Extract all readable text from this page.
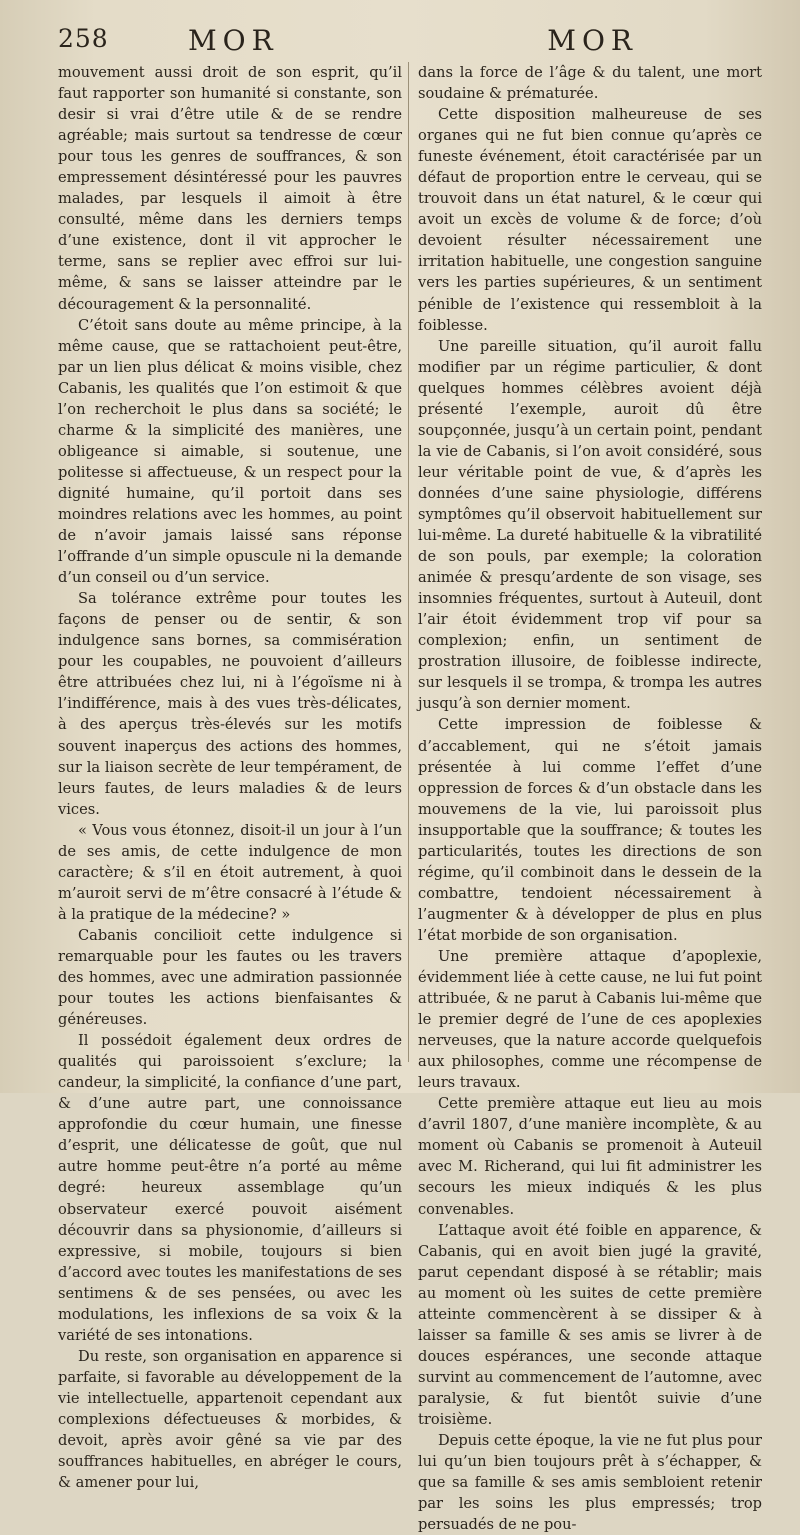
258	MOR	MOR

mouvement aussi droit de son esprit, qu’il faut rapporter son humanité si constante, son desir si vrai d’être utile & de se rendre agréable; mais surtout sa tendresse de cœur pour tous les genres de souffrances, & son empressement désintéressé pour les pauvres malades, par lesquels il aimoit à être consulté, même dans les derniers temps d’une existence, dont il vit approcher le terme, sans se replier avec effroi sur lui-même, & sans se laisser atteindre par le découragement & la personnalité.

C’étoit sans doute au même principe, à la même cause, que se rattachoient peut-être, par un lien plus délicat & moins visible, chez Cabanis, les qualités que l’on estimoit & que l’on recherchoit le plus dans sa société; le charme & la simplicité des manières, une obligeance si aimable, si soutenue, une politesse si affectueuse, & un respect pour la dignité humaine, qu’il portoit dans ses moindres relations avec les hommes, au point de n’avoir jamais laissé sans réponse l’offrande d’un simple opuscule ni la demande d’un conseil ou d’un service.

Sa tolérance extrême pour toutes les façons de penser ou de sentir, & son indulgence sans bornes, sa commisération pour les coupables, ne pouvoient d’ailleurs être attribuées chez lui, ni à l’égoïsme ni à l’indifférence, mais à des vues très-délicates, à des aperçus très-élevés sur les motifs souvent inaperçus des actions des hommes, sur la liaison secrète de leur tempérament, de leurs fautes, de leurs maladies & de leurs vices.

« Vous vous étonnez, disoit-il un jour à l’un de ses amis, de cette indulgence de mon caractère; & s’il en étoit autrement, à quoi m’auroit servi de m’être consacré à l’étude & à la pratique de la médecine? »

Cabanis concilioit cette indulgence si remarquable pour les fautes ou les travers des hommes, avec une admiration passionnée pour toutes les actions bienfaisantes & généreuses.

Il possédoit également deux ordres de qualités qui paroissoient s’exclure; la candeur, la simplicité, la confiance d’une part, & d’une autre part, une connoissance approfondie du cœur humain, une finesse d’esprit, une délicatesse de goût, que nul autre homme peut-être n’a porté au même degré: heureux assemblage qu’un observateur exercé pouvoit aisément découvrir dans sa physionomie, d’ailleurs si expressive, si mobile, toujours si bien d’accord avec toutes les manifestations de ses sentimens & de ses pensées, ou avec les modulations, les inflexions de sa voix & la variété de ses intonations.

Du reste, son organisation en apparence si parfaite, si favorable au développement de la vie intellectuelle, appartenoit cependant aux complexions défectueuses & morbides, & devoit, après avoir gêné sa vie par des souffrances habituelles, en abréger le cours, & amener pour lui,

dans la force de l’âge & du talent, une mort soudaine & prématurée.

Cette disposition malheureuse de ses organes qui ne fut bien connue qu’après ce funeste événement, étoit caractérisée par un défaut de proportion entre le cerveau, qui se trouvoit dans un état naturel, & le cœur qui avoit un excès de volume & de force; d’où devoient résulter nécessairement une irritation habituelle, une congestion sanguine vers les parties supérieures, & un sentiment pénible de l’existence qui ressembloit à la foiblesse.

Une pareille situation, qu’il auroit fallu modifier par un régime particulier, & dont quelques hommes célèbres avoient déjà présenté l’exemple, auroit dû être soupçonnée, jusqu’à un certain point, pendant la vie de Cabanis, si l’on avoit considéré, sous leur véritable point de vue, & d’après les données d’une saine physiologie, différens symptômes qu’il observoit habituellement sur lui-même. La dureté habituelle & la vibratilité de son pouls, par exemple; la coloration animée & presqu’ardente de son visage, ses insomnies fréquentes, surtout à Auteuil, dont l’air étoit évidemment trop vif pour sa complexion; enfin, un sentiment de prostration illusoire, de foiblesse indirecte, sur lesquels il se trompa, & trompa les autres jusqu’à son dernier moment.

Cette impression de foiblesse & d’accablement, qui ne s’étoit jamais présentée à lui comme l’effet d’une oppression de forces & d’un obstacle dans les mouvemens de la vie, lui paroissoit plus insupportable que la souffrance; & toutes les particularités, toutes les directions de son régime, qu’il combinoit dans le dessein de la combattre, tendoient nécessairement à l’augmenter & à développer de plus en plus l’état morbide de son organisation.

Une première attaque d’apoplexie, évidemment liée à cette cause, ne lui fut point attribuée, & ne parut à Cabanis lui-même que le premier degré de l’une de ces apoplexies nerveuses, que la nature accorde quelquefois aux philosophes, comme une récompense de leurs travaux.

Cette première attaque eut lieu au mois d’avril 1807, d’une manière incomplète, & au moment où Cabanis se promenoit à Auteuil avec M. Richerand, qui lui fit administrer les secours les mieux indiqués & les plus convenables.

L’attaque avoit été foible en apparence, & Cabanis, qui en avoit bien jugé la gravité, parut cependant disposé à se rétablir; mais au moment où les suites de cette première atteinte commencèrent à se dissiper & à laisser sa famille & ses amis se livrer à de douces espérances, une seconde attaque survint au commencement de l’automne, avec paralysie, & fut bientôt suivie d’une troisième.

Depuis cette époque, la vie ne fut plus pour lui qu’un bien toujours prêt à s’échapper, & que sa famille & ses amis sembloient retenir par les soins les plus empressés; trop persuadés de ne pou-
